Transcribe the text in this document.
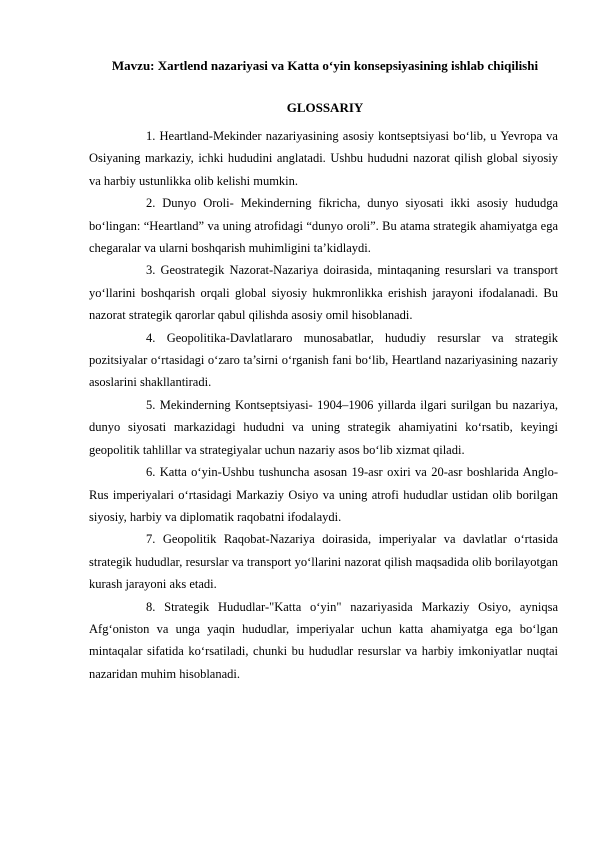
Mavzu: Xartlend nazariyasi va Katta o‘yin konsepsiyasining ishlab chiqilishi
GLOSSARIY

1. Heartland-Mekinder nazariyasining asosiy kontseptsiyasi bo‘lib, u Yevropa va Osiyaning markaziy, ichki hududini anglatadi. Ushbu hududni nazorat qilish global siyosiy va harbiy ustunlikka olib kelishi mumkin.

2. Dunyo Oroli- Mekinderning fikricha, dunyo siyosati ikki asosiy hududga bo‘lingan: “Heartland” va uning atrofidagi “dunyo oroli”. Bu atama strategik ahamiyatga ega chegaralar va ularni boshqarish muhimligini ta’kidlaydi.

3. Geostrategik Nazorat-Nazariya doirasida, mintaqaning resurslari va transport yo‘llarini boshqarish orqali global siyosiy hukmronlikka erishish jarayoni ifodalanadi. Bu nazorat strategik qarorlar qabul qilishda asosiy omil hisoblanadi.

4. Geopolitika-Davlatlararo munosabatlar, hududiy resurslar va strategik pozitsiyalar o‘rtasidagi o‘zaro ta’sirni o‘rganish fani bo‘lib, Heartland nazariyasining nazariy asoslarini shakllantiradi.

5. Mekinderning Kontseptsiyasi- 1904–1906 yillarda ilgari surilgan bu nazariya, dunyo siyosati markazidagi hududni va uning strategik ahamiyatini ko‘rsatib, keyingi geopolitik tahlillar va strategiyalar uchun nazariy asos bo‘lib xizmat qiladi.

6. Katta o‘yin-Ushbu tushuncha asosan 19-asr oxiri va 20-asr boshlarida Anglo-Rus imperiyalari o‘rtasidagi Markaziy Osiyo va uning atrofi hududlar ustidan olib borilgan siyosiy, harbiy va diplomatik raqobatni ifodalaydi.

7. Geopolitik Raqobat-Nazariya doirasida, imperiyalar va davlatlar o‘rtasida strategik hududlar, resurslar va transport yo‘llarini nazorat qilish maqsadida olib borilayotgan kurash jarayoni aks etadi.

8. Strategik Hududlar-"Katta o‘yin" nazariyasida Markaziy Osiyo, ayniqsa Afg‘oniston va unga yaqin hududlar, imperiyalar uchun katta ahamiyatga ega bo‘lgan mintaqalar sifatida ko‘rsatiladi, chunki bu hududlar resurslar va harbiy imkoniyatlar nuqtai nazaridan muhim hisoblanadi.
